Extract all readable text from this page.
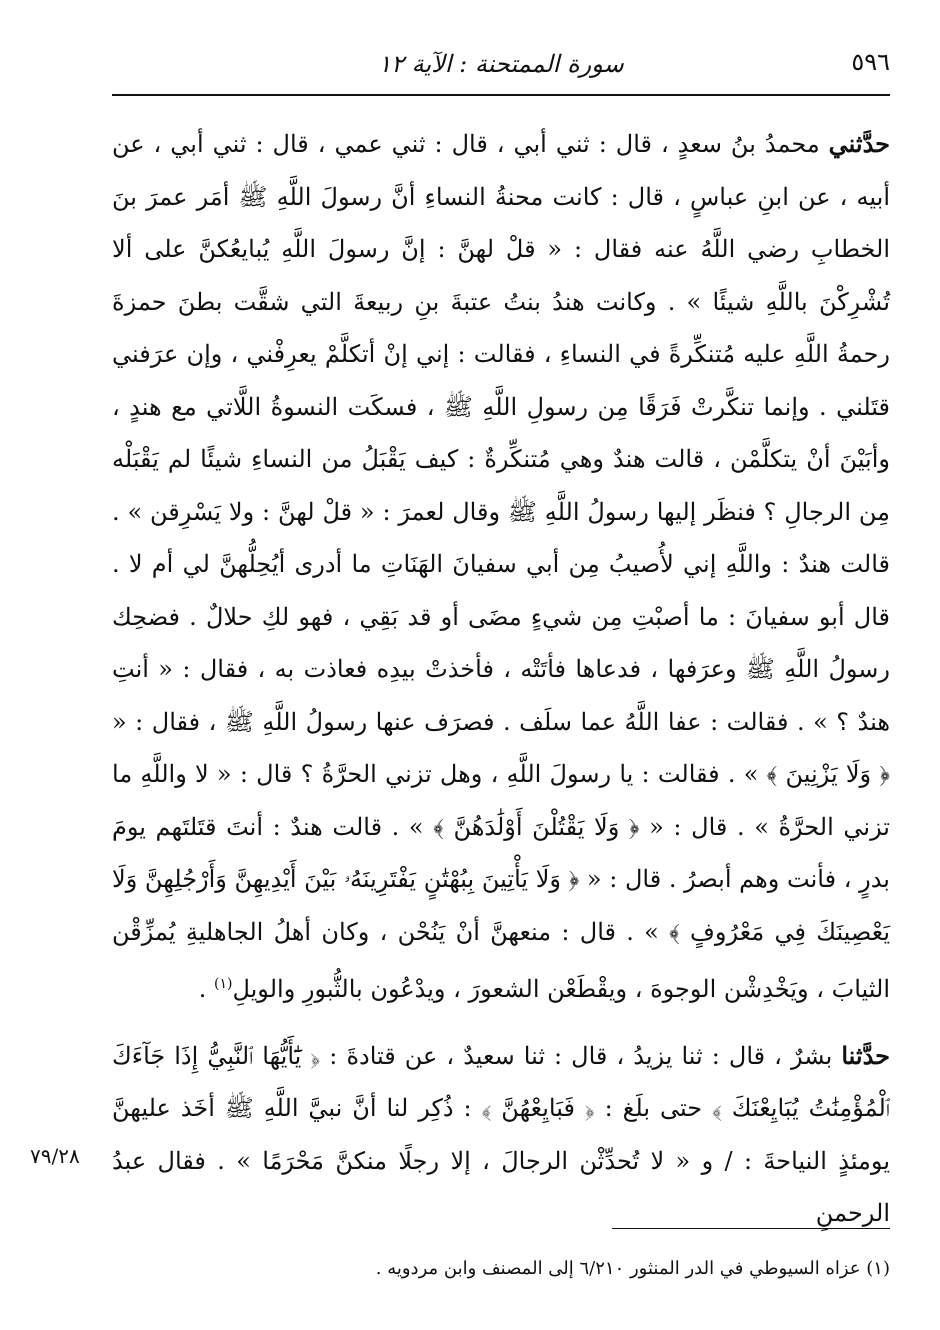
٥٩٦
سورة الممتحنة : الآية ١٢

حدَّثني محمدُ بنُ سعدٍ ، قال : ثني أبي ، قال : ثني عمي ، قال : ثني أبي ، عن أبيه ، عن ابنِ عباسٍ ، قال : كانت محنةُ النساءِ أنَّ رسولَ اللَّهِ ﷺ أمَر عمرَ بنَ الخطابِ رضي اللَّهُ عنه فقال : « قلْ لهنَّ : إنَّ رسولَ اللَّهِ يُبايعُكنَّ على ألا تُشْرِكْنَ باللَّهِ شيئًا » . وكانت هندُ بنتُ عتبةَ بنِ ربيعةَ التي شقَّت بطنَ حمزةَ رحمةُ اللَّهِ عليه مُتنكِّرةً في النساءِ ، فقالت : إني إنْ أتكلَّمْ يعرِفْني ، وإن عرَفني قتَلني . وإنما تنكَّرتْ فَرَقًا مِن رسولِ اللَّهِ ﷺ ، فسكَت النسوةُ اللَّاتي مع هندٍ ، وأبَيْنَ أنْ يتكلَّمْن ، قالت هندٌ وهي مُتنكِّرةٌ : كيف يَقْبَلُ من النساءِ شيئًا لم يَقْبَلْه مِن الرجالِ ؟ فنظَر إليها رسولُ اللَّهِ ﷺ وقال لعمرَ : « قلْ لهنَّ : ولا يَسْرِقن » . قالت هندٌ : واللَّهِ إني لأُصيبُ مِن أبي سفيانَ الهَنَاتِ ما أدرى أيُحِلُّهنَّ لي أم لا . قال أبو سفيانَ : ما أصبْتِ مِن شيءٍ مضَى أو قد بَقِي ، فهو لكِ حلالٌ . فضحِك رسولُ اللَّهِ ﷺ وعرَفها ، فدعاها فأتَتْه ، فأخذتْ بيدِه فعاذت به ، فقال : « أنتِ هندٌ ؟ » . فقالت : عفا اللَّهُ عما سلَف . فصرَف عنها رسولُ اللَّهِ ﷺ ، فقال : « ﴿ وَلَا يَزْنِينَ ﴾ » . فقالت : يا رسولَ اللَّهِ ، وهل تزني الحرَّةُ ؟ قال : « لا واللَّهِ ما تزني الحرَّةُ » . قال : « ﴿ وَلَا يَقْتُلْنَ أَوْلَٰدَهُنَّ ﴾ » . قالت هندٌ : أنتَ قتَلتَهم يومَ بدرٍ ، فأنت وهم أبصرُ . قال : « ﴿ وَلَا يَأْتِينَ بِبُهْتَٰنٍ يَفْتَرِينَهُۥ بَيْنَ أَيْدِيهِنَّ وَأَرْجُلِهِنَّ وَلَا يَعْصِينَكَ فِي مَعْرُوفٍ ﴾ » . قال : منعهنَّ أنْ يَنُحْن ، وكان أهلُ الجاهليةِ يُمزِّقْن الثيابَ ، ويَخْدِشْن الوجوهَ ، ويقْطَعْن الشعورَ ، ويدْعُون بالثُّبورِ والويلِ$^{(١)}$ .

حدَّثنا بشرٌ ، قال : ثنا يزيدُ ، قال : ثنا سعيدٌ ، عن قتادةَ : ﴿ يَٰٓأَيُّهَا ٱلنَّبِيُّ إِذَا جَآءَكَ ٱلْمُؤْمِنَٰتُ يُبَايِعْنَكَ ﴾ حتى بلَغ : ﴿ فَبَايِعْهُنَّ ﴾ : ذُكِر لنا أنَّ نبيَّ اللَّهِ ﷺ أخَذ عليهنَّ يومئذٍ النياحةَ : / و « لا تُحدِّثْن الرجالَ ، إلا رجلًا منكنَّ مَحْرَمًا » . فقال عبدُ الرحمنِ

٧٩/٢٨
(١) عزاه السيوطي في الدر المنثور ٦/٢١٠ إلى المصنف وابن مردويه .
